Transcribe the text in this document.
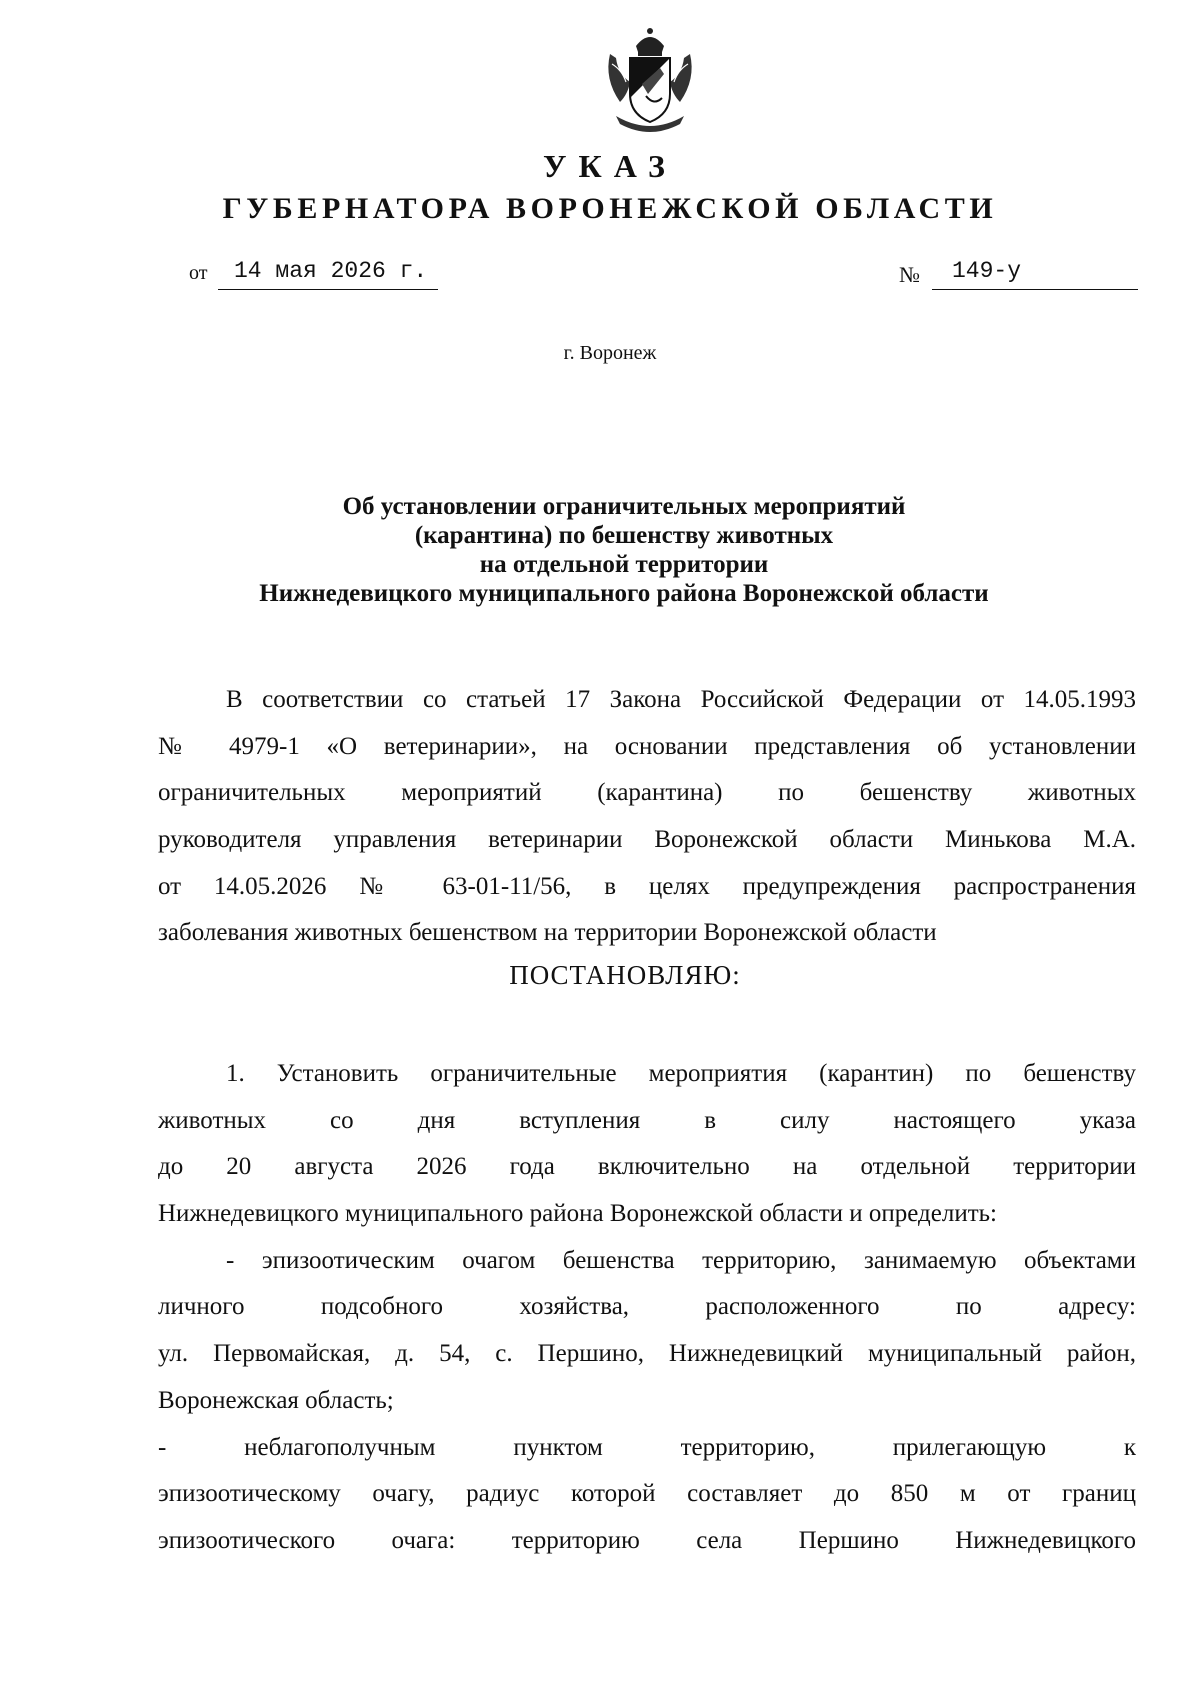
УКАЗ
ГУБЕРНАТОРА ВОРОНЕЖСКОЙ ОБЛАСТИ
от	14 мая 2026 г.	№	149-у
г. Воронеж
Об установлении ограничительных мероприятий
(карантина) по бешенству животных
на отдельной территории
Нижнедевицкого муниципального района Воронежской области
В соответствии со статьей 17 Закона Российской Федерации от 14.05.1993
№ 4979-1 «О ветеринарии», на основании представления об установлении
ограничительных мероприятий (карантина) по бешенству животных
руководителя управления ветеринарии Воронежской области Минькова М.А.
от 14.05.2026 № 63-01-11/56, в целях предупреждения распространения
заболевания животных бешенством на территории Воронежской области
ПОСТАНОВЛЯЮ:
1. Установить ограничительные мероприятия (карантин) по бешенству
животных со дня вступления в силу настоящего указа
до 20 августа 2026 года включительно на отдельной территории
Нижнедевицкого муниципального района Воронежской области и определить:
- эпизоотическим очагом бешенства территорию, занимаемую объектами
личного подсобного хозяйства, расположенного по адресу:
ул. Первомайская, д. 54, с. Першино, Нижнедевицкий муниципальный район,
Воронежская область;
- неблагополучным пунктом территорию, прилегающую к
эпизоотическому очагу, радиус которой составляет до 850 м от границ
эпизоотического очага: территорию села Першино Нижнедевицкого
